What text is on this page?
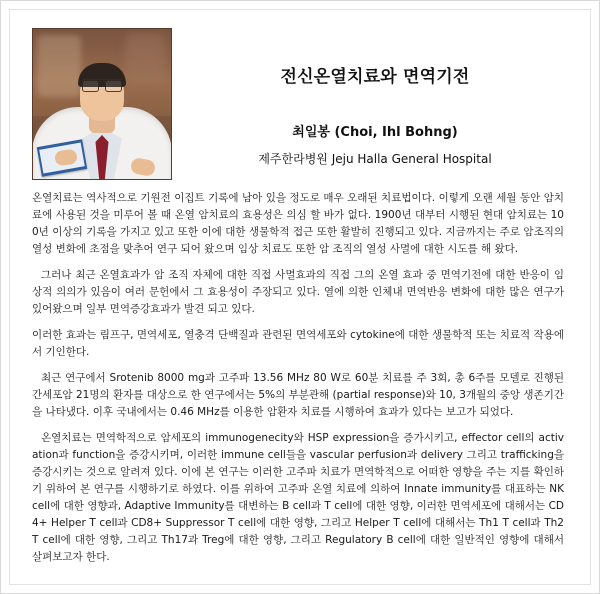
전신온열치료와 면역기전
최일봉 (Choi, Ihl Bohng)
제주한라병원 Jeju Halla General Hospital

온열치료는 역사적으로 기원전 이집트 기록에 남아 있을 정도로 매우 오래된 치료법이다. 이렇게 오랜 세월 동안 암치료에 사용된 것을 미루어 볼 때 온열 암치료의 효용성은 의심 할 바가 없다. 1900년 대부터 시행된 현대 암치료는 100년 이상의 기록을 가지고 있고 또한 이에 대한 생물학적 접근 또한 활발히 진행되고 있다. 지금까지는 주로 암조직의 열성 변화에 초점을 맞추어 연구 되어 왔으며 임상 치료도 또한 암 조직의 열성 사멸에 대한 시도를 해 왔다.

그러나 최근 온열효과가 암 조직 자체에 대한 직접 사멸효과의 직접 그의 온열 효과 중 면역기전에 대한 반응이 임상적 의의가 있음이 여러 문헌에서 그 효용성이 주장되고 있다. 열에 의한 인체내 면역반응 변화에 대한 많은 연구가 있어왔으며 일부 면역증강효과가 발견 되고 있다.

이러한 효과는 림프구, 면역세포, 열충격 단백질과 관련된 면역세포와 cytokine에 대한 생물학적 또는 치료적 작용에서 기인한다.

최근 연구에서 Srotenib 8000 mg과 고주파 13.56 MHz 80 W로 60분 치료를 주 3회, 총 6주를 모델로 진행된 간세포암 21명의 환자를 대상으로 한 연구에서는 5%의 부분관해 (partial response)와 10, 3개월의 중앙 생존기간을 나타냈다. 이후 국내에서는 0.46 MHz를 이용한 암환자 치료를 시행하여 효과가 있다는 보고가 되었다.

온열치료는 면역학적으로 암세포의 immunogenecity와 HSP expression을 증가시키고, effector cell의 activation과 function을 증강시키며, 이러한 immune cell들을 vascular perfusion과 delivery 그리고 trafficking을 증강시키는 것으로 알려져 있다. 이에 본 연구는 이러한 고주파 치료가 면역학적으로 어떠한 영향을 주는 지를 확인하기 위하여 본 연구를 시행하기로 하였다. 이를 위하여 고주파 온열 치료에 의하여 Innate immunity를 대표하는 NK cell에 대한 영향과, Adaptive Immunity를 대변하는 B cell과 T cell에 대한 영향, 이러한 면역세포에 대해서는 CD4+ Helper T cell과 CD8+ Suppressor T cell에 대한 영향, 그리고 Helper T cell에 대해서는 Th1 T cell과 Th2 T cell에 대한 영향, 그리고 Th17과 Treg에 대한 영향, 그리고 Regulatory B cell에 대한 일반적인 영향에 대해서 살펴보고자 한다.
